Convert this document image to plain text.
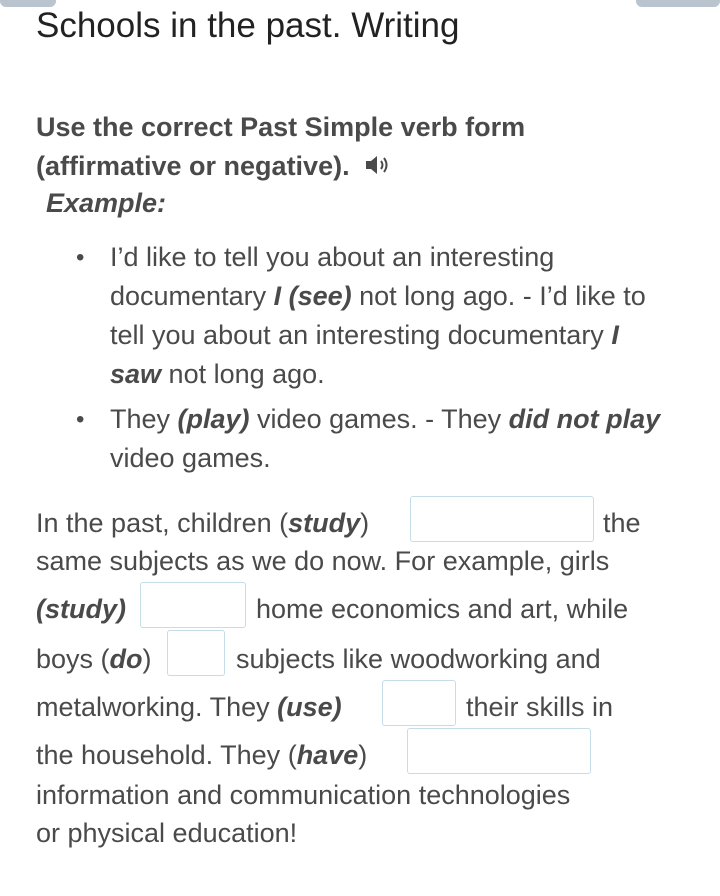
Schools in the past. Writing
Use the correct Past Simple verb form
(affirmative or negative).
Example:
• I’d like to tell you about an interesting documentary I (see) not long ago. - I’d like to tell you about an interesting documentary I saw not long ago.
• They (play) video games. - They did not play video games.
In the past, children (study)	the
same subjects as we do now. For example, girls
(study)	home economics and art, while
boys (do)	subjects like woodworking and
metalworking. They (use)	their skills in
the household. They (have)
information and communication technologies
or physical education!
